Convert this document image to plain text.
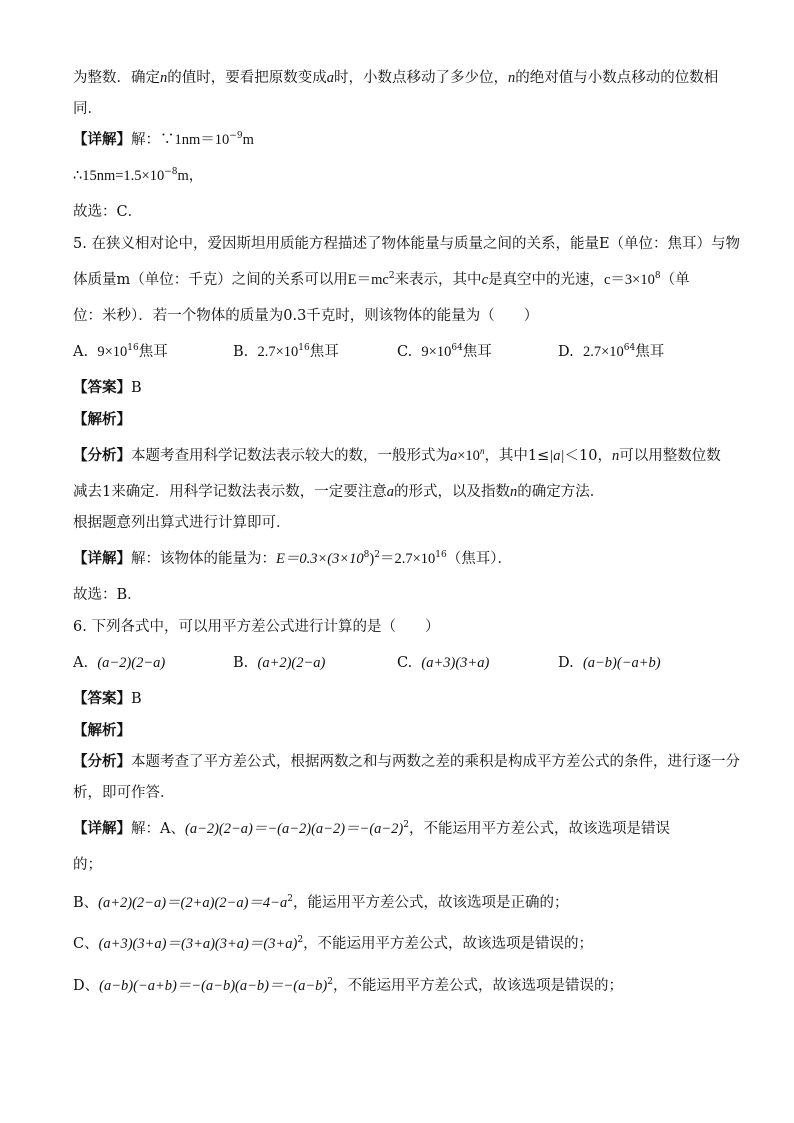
为整数．确定n的值时，要看把原数变成a时，小数点移动了多少位，n的绝对值与小数点移动的位数相
同．
【详解】解：$\because 1nm=10^{-9}m$
$\therefore 15nm=1.5\times 10^{-8}m$，
故选：C．
5. 在狭义相对论中，爱因斯坦用质能方程描述了物体能量与质量之间的关系，能量E（单位：焦耳）与物
体质量m（单位：千克）之间的关系可以用$E=mc^2$来表示，其中c是真空中的光速，$c=3\times 10^8$（单
位：米秒）．若一个物体的质量为0.3千克时，则该物体的能量为（　　）
A. $9\times 10^{16}$焦耳	B. $2.7\times 10^{16}$焦耳	C. $9\times 10^{64}$焦耳	D. $2.7\times 10^{64}$焦耳
【答案】B
【解析】
【分析】本题考查用科学记数法表示较大的数，一般形式为$a\times 10^n$，其中1≤|a|＜10，n可以用整数位数
减去1来确定．用科学记数法表示数，一定要注意a的形式，以及指数n的确定方法．
根据题意列出算式进行计算即可．
【详解】解：该物体的能量为：$E=0.3\times(3\times 10^8)^2=2.7\times 10^{16}$（焦耳）．
故选：B．
6. 下列各式中，可以用平方差公式进行计算的是（　　）
A. (a−2)(2−a)	B. (a+2)(2−a)	C. (a+3)(3+a)	D. (a−b)(−a+b)
【答案】B
【解析】
【分析】本题考查了平方差公式，根据两数之和与两数之差的乘积是构成平方差公式的条件，进行逐一分
析，即可作答．
【详解】解：A、$(a-2)(2-a)=-(a-2)(a-2)=-(a-2)^2$，不能运用平方差公式，故该选项是错误
的；
B、$(a+2)(2-a)=(2+a)(2-a)=4-a^2$，能运用平方差公式，故该选项是正确的；
C、$(a+3)(3+a)=(3+a)(3+a)=(3+a)^2$，不能运用平方差公式，故该选项是错误的；
D、$(a-b)(-a+b)=-(a-b)(a-b)=-(a-b)^2$，不能运用平方差公式，故该选项是错误的；
